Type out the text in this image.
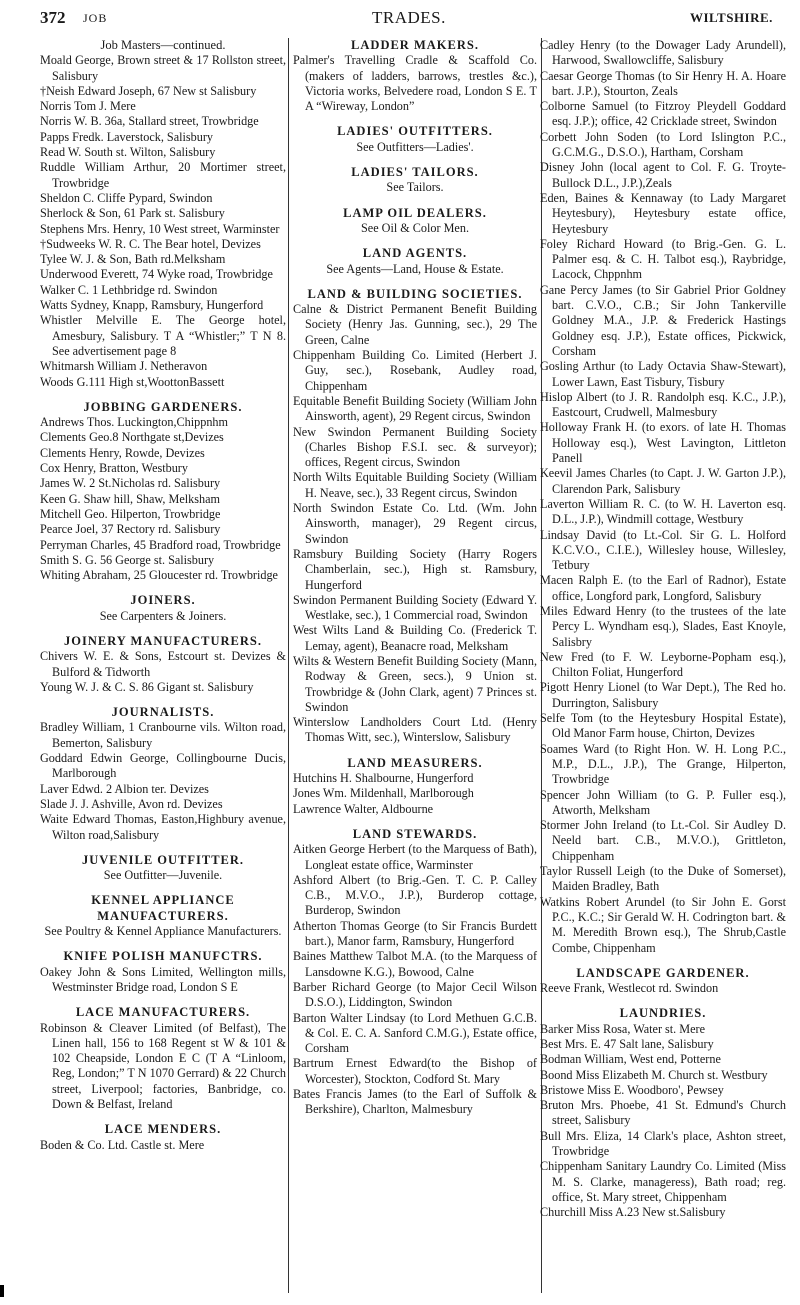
372 JOB	TRADES.	WILTSHIRE.
Job Masters—continued.
Moald George, Brown street & 17 Rollston street, Salisbury
†Neish Edward Joseph, 67 New st Salisbury
Norris Tom J. Mere
Norris W. B. 36a, Stallard street, Trowbridge
Papps Fredk. Laverstock, Salisbury
Read W. South st. Wilton, Salisbury
Ruddle William Arthur, 20 Mortimer street, Trowbridge
Sheldon C. Cliffe Pypard, Swindon
Sherlock & Son, 61 Park st. Salisbury
Stephens Mrs. Henry, 10 West street, Warminster
†Sudweeks W. R. C. The Bear hotel, Devizes
Tylee W. J. & Son, Bath rd.Melksham
Underwood Everett, 74 Wyke road, Trowbridge
Walker C. 1 Lethbridge rd. Swindon
Watts Sydney, Knapp, Ramsbury, Hungerford
Whistler Melville E. The George hotel, Amesbury, Salisbury. T A “Whistler;” T N 8. See advertisement page 8
Whitmarsh William J. Netheravon
Woods G.111 High st,WoottonBassett
JOBBING GARDENERS.
Andrews Thos. Luckington,Chippnhm
Clements Geo.8 Northgate st,Devizes
Clements Henry, Rowde, Devizes
Cox Henry, Bratton, Westbury
James W. 2 St.Nicholas rd. Salisbury
Keen G. Shaw hill, Shaw, Melksham
Mitchell Geo. Hilperton, Trowbridge
Pearce Joel, 37 Rectory rd. Salisbury
Perryman Charles, 45 Bradford road, Trowbridge
Smith S. G. 56 George st. Salisbury
Whiting Abraham, 25 Gloucester rd. Trowbridge
JOINERS.
See Carpenters & Joiners.
JOINERY MANUFACTURERS.
Chivers W. E. & Sons, Estcourt st. Devizes & Bulford & Tidworth
Young W. J. & C. S. 86 Gigant st. Salisbury
JOURNALISTS.
Bradley William, 1 Cranbourne vils. Wilton road, Bemerton, Salisbury
Goddard Edwin George, Collingbourne Ducis, Marlborough
Laver Edwd. 2 Albion ter. Devizes
Slade J. J. Ashville, Avon rd. Devizes
Waite Edward Thomas, Easton,Highbury avenue, Wilton road,Salisbury
JUVENILE OUTFITTER.
See Outfitter—Juvenile.
KENNEL APPLIANCE MANUFACTURERS.
See Poultry & Kennel Appliance Manufacturers.
KNIFE POLISH MANUFCTRS.
Oakey John & Sons Limited, Wellington mills, Westminster Bridge road, London S E
LACE MANUFACTURERS.
Robinson & Cleaver Limited (of Belfast), The Linen hall, 156 to 168 Regent st W & 101 & 102 Cheapside, London E C (T A “Linloom, Reg, London;” T N 1070 Gerrard) & 22 Church street, Liverpool; factories, Banbridge, co. Down & Belfast, Ireland
LACE MENDERS.
Boden & Co. Ltd. Castle st. Mere
LADDER MAKERS.
Palmer's Travelling Cradle & Scaffold Co. (makers of ladders, barrows, trestles &c.), Victoria works, Belvedere road, London S E. T A “Wireway, London”
LADIES' OUTFITTERS.
See Outfitters—Ladies'.
LADIES' TAILORS.
See Tailors.
LAMP OIL DEALERS.
See Oil & Color Men.
LAND AGENTS.
See Agents—Land, House & Estate.
LAND & BUILDING SOCIETIES.
Calne & District Permanent Benefit Building Society (Henry Jas. Gunning, sec.), 29 The Green, Calne
Chippenham Building Co. Limited (Herbert J. Guy, sec.), Rosebank, Audley road, Chippenham
Equitable Benefit Building Society (William John Ainsworth, agent), 29 Regent circus, Swindon
New Swindon Permanent Building Society (Charles Bishop F.S.I. sec. & surveyor); offices, Regent circus, Swindon
North Wilts Equitable Building Society (William H. Neave, sec.), 33 Regent circus, Swindon
North Swindon Estate Co. Ltd. (Wm. John Ainsworth, manager), 29 Regent circus, Swindon
Ramsbury Building Society (Harry Rogers Chamberlain, sec.), High st. Ramsbury, Hungerford
Swindon Permanent Building Society (Edward Y. Westlake, sec.), 1 Commercial road, Swindon
West Wilts Land & Building Co. (Frederick T. Lemay, agent), Beanacre road, Melksham
Wilts & Western Benefit Building Society (Mann, Rodway & Green, secs.), 9 Union st. Trowbridge & (John Clark, agent) 7 Princes st. Swindon
Winterslow Landholders Court Ltd. (Henry Thomas Witt, sec.), Winterslow, Salisbury
LAND MEASURERS.
Hutchins H. Shalbourne, Hungerford
Jones Wm. Mildenhall, Marlborough
Lawrence Walter, Aldbourne
LAND STEWARDS.
Aitken George Herbert (to the Marquess of Bath), Longleat estate office, Warminster
Ashford Albert (to Brig.-Gen. T. C. P. Calley C.B., M.V.O., J.P.), Burderop cottage, Burderop, Swindon
Atherton Thomas George (to Sir Francis Burdett bart.), Manor farm, Ramsbury, Hungerford
Baines Matthew Talbot M.A. (to the Marquess of Lansdowne K.G.), Bowood, Calne
Barber Richard George (to Major Cecil Wilson D.S.O.), Liddington, Swindon
Barton Walter Lindsay (to Lord Methuen G.C.B. & Col. E. C. A. Sanford C.M.G.), Estate office, Corsham
Bartrum Ernest Edward(to the Bishop of Worcester), Stockton, Codford St. Mary
Bates Francis James (to the Earl of Suffolk & Berkshire), Charlton, Malmesbury
Cadley Henry (to the Dowager Lady Arundell), Harwood, Swallowcliffe, Salisbury
Caesar George Thomas (to Sir Henry H. A. Hoare bart. J.P.), Stourton, Zeals
Colborne Samuel (to Fitzroy Pleydell Goddard esq. J.P.); office, 42 Cricklade street, Swindon
Corbett John Soden (to Lord Islington P.C., G.C.M.G., D.S.O.), Hartham, Corsham
Disney John (local agent to Col. F. G. Troyte-Bullock D.L., J.P.),Zeals
Eden, Baines & Kennaway (to Lady Margaret Heytesbury), Heytesbury estate office, Heytesbury
Foley Richard Howard (to Brig.-Gen. G. L. Palmer esq. & C. H. Talbot esq.), Raybridge, Lacock, Chppnhm
Gane Percy James (to Sir Gabriel Prior Goldney bart. C.V.O., C.B.; Sir John Tankerville Goldney M.A., J.P. & Frederick Hastings Goldney esq. J.P.), Estate offices, Pickwick, Corsham
Gosling Arthur (to Lady Octavia Shaw-Stewart), Lower Lawn, East Tisbury, Tisbury
Hislop Albert (to J. R. Randolph esq. K.C., J.P.), Eastcourt, Crudwell, Malmesbury
Holloway Frank H. (to exors. of late H. Thomas Holloway esq.), West Lavington, Littleton Panell
Keevil James Charles (to Capt. J. W. Garton J.P.), Clarendon Park, Salisbury
Laverton William R. C. (to W. H. Laverton esq. D.L., J.P.), Windmill cottage, Westbury
Lindsay David (to Lt.-Col. Sir G. L. Holford K.C.V.O., C.I.E.), Willesley house, Willesley, Tetbury
Macen Ralph E. (to the Earl of Radnor), Estate office, Longford park, Longford, Salisbury
Miles Edward Henry (to the trustees of the late Percy L. Wyndham esq.), Slades, East Knoyle, Salisbry
New Fred (to F. W. Leyborne-Popham esq.), Chilton Foliat, Hungerford
Pigott Henry Lionel (to War Dept.), The Red ho. Durrington, Salisbury
Selfe Tom (to the Heytesbury Hospital Estate), Old Manor Farm house, Chirton, Devizes
Soames Ward (to Right Hon. W. H. Long P.C., M.P., D.L., J.P.), The Grange, Hilperton, Trowbridge
Spencer John William (to G. P. Fuller esq.), Atworth, Melksham
Stormer John Ireland (to Lt.-Col. Sir Audley D. Neeld bart. C.B., M.V.O.), Grittleton, Chippenham
Taylor Russell Leigh (to the Duke of Somerset), Maiden Bradley, Bath
Watkins Robert Arundel (to Sir John E. Gorst P.C., K.C.; Sir Gerald W. H. Codrington bart. & M. Meredith Brown esq.), The Shrub,Castle Combe, Chippenham
LANDSCAPE GARDENER.
Reeve Frank, Westlecot rd. Swindon
LAUNDRIES.
Barker Miss Rosa, Water st. Mere
Best Mrs. E. 47 Salt lane, Salisbury
Bodman William, West end, Potterne
Boond Miss Elizabeth M. Church st. Westbury
Bristowe Miss E. Woodboro', Pewsey
Bruton Mrs. Phoebe, 41 St. Edmund's Church street, Salisbury
Bull Mrs. Eliza, 14 Clark's place, Ashton street, Trowbridge
Chippenham Sanitary Laundry Co. Limited (Miss M. S. Clarke, manageress), Bath road; reg. office, St. Mary street, Chippenham
Churchill Miss A.23 New st.Salisbury
